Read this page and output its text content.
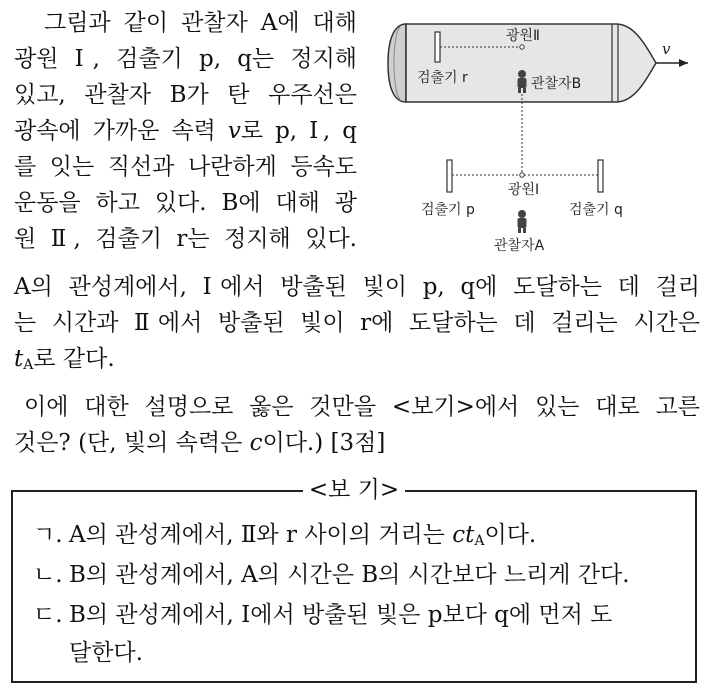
그림과 같이 관찰자 A에 대해
광원 Ⅰ, 검출기 p, q는 정지해
있고, 관찰자 B가 탄 우주선은
광속에 가까운 속력 v로 p, Ⅰ, q
를 잇는 직선과 나란하게 등속도
운동을 하고 있다. B에 대해 광
원 Ⅱ, 검출기 r는 정지해 있다.
A의 관성계에서, Ⅰ에서 방출된 빛이 p, q에 도달하는 데 걸리
는 시간과 Ⅱ에서 방출된 빛이 r에 도달하는 데 걸리는 시간은
$t_A$로 같다.
이에 대한 설명으로 옳은 것만을 <보기>에서 있는 대로 고른
것은? (단, 빛의 속력은 c이다.) [3점]
광원Ⅱ
검출기 r	관찰자B
v
광원Ⅰ
검출기 p	검출기 q
관찰자A
<보 기>
ㄱ. A의 관성계에서, Ⅱ와 r 사이의 거리는 $ct_A$이다.
ㄴ. B의 관성계에서, A의 시간은 B의 시간보다 느리게 간다.
ㄷ. B의 관성계에서, Ⅰ에서 방출된 빛은 p보다 q에 먼저 도
달한다.
